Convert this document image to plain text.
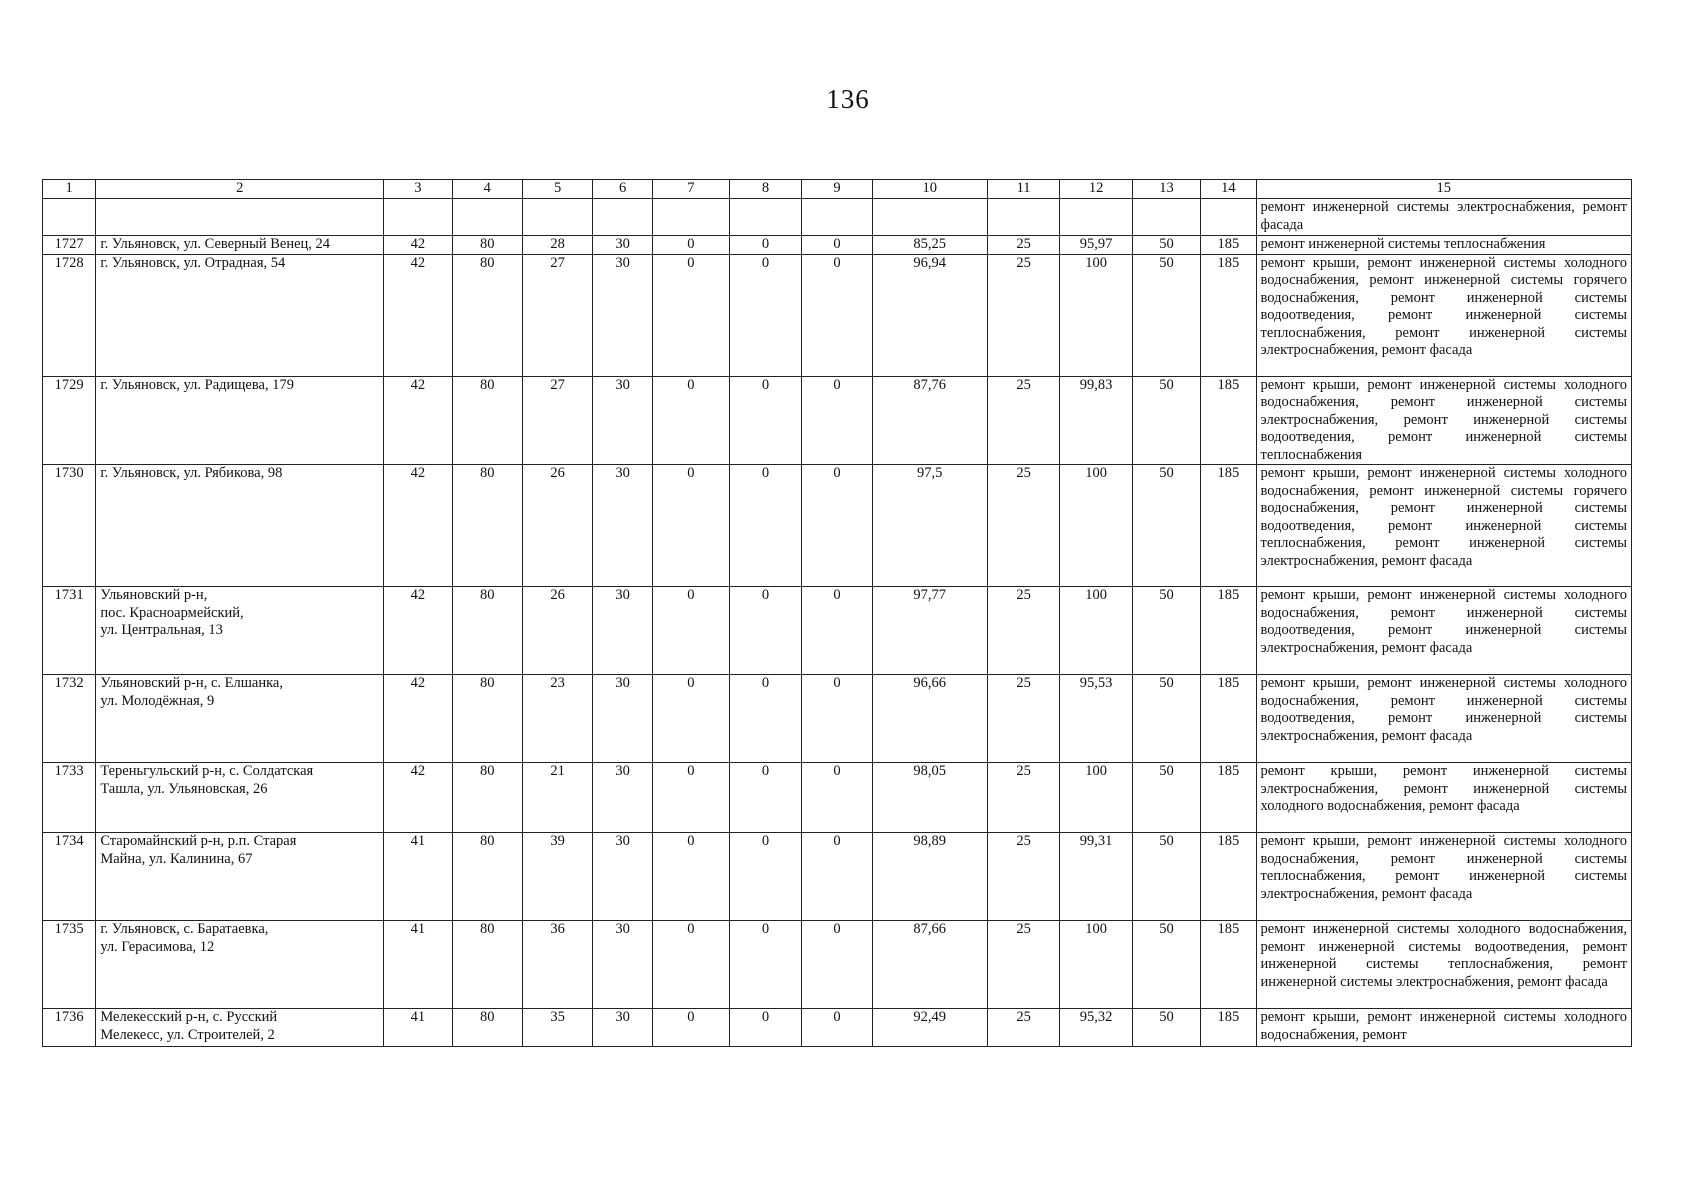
136
1	2	3	4	5	6	7	8	9	10	11	12	13	14	15
														ремонт инженерной системы электроснабжения, ремонт фасада
1727	г. Ульяновск, ул. Северный Венец, 24	42	80	28	30	0	0	0	85,25	25	95,97	50	185	ремонт инженерной системы теплоснабжения
1728	г. Ульяновск, ул. Отрадная, 54	42	80	27	30	0	0	0	96,94	25	100	50	185	ремонт крыши, ремонт инженерной системы холодного водоснабжения, ремонт инженерной системы горячего водоснабжения, ремонт инженерной системы водоотведения, ремонт инженерной системы теплоснабжения, ремонт инженерной системы электроснабжения, ремонт фасада
1729	г. Ульяновск, ул. Радищева, 179	42	80	27	30	0	0	0	87,76	25	99,83	50	185	ремонт крыши, ремонт инженерной системы холодного водоснабжения, ремонт инженерной системы электроснабжения, ремонт инженерной системы водоотведения, ремонт инженерной системы теплоснабжения
1730	г. Ульяновск, ул. Рябикова, 98	42	80	26	30	0	0	0	97,5	25	100	50	185	ремонт крыши, ремонт инженерной системы холодного водоснабжения, ремонт инженерной системы горячего водоснабжения, ремонт инженерной системы водоотведения, ремонт инженерной системы теплоснабжения, ремонт инженерной системы электроснабжения, ремонт фасада
1731	Ульяновский р-н,
пос. Красноармейский,
ул. Центральная, 13	42	80	26	30	0	0	0	97,77	25	100	50	185	ремонт крыши, ремонт инженерной системы холодного водоснабжения, ремонт инженерной системы водоотведения, ремонт инженерной системы электроснабжения, ремонт фасада
1732	Ульяновский р-н, с. Елшанка,
ул. Молодёжная, 9	42	80	23	30	0	0	0	96,66	25	95,53	50	185	ремонт крыши, ремонт инженерной системы холодного водоснабжения, ремонт инженерной системы водоотведения, ремонт инженерной системы электроснабжения, ремонт фасада
1733	Тереньгульский р-н, с. Солдатская
Ташла, ул. Ульяновская, 26	42	80	21	30	0	0	0	98,05	25	100	50	185	ремонт крыши, ремонт инженерной системы электроснабжения, ремонт инженерной системы холодного водоснабжения, ремонт фасада
1734	Старомайнский р-н, р.п. Старая
Майна, ул. Калинина, 67	41	80	39	30	0	0	0	98,89	25	99,31	50	185	ремонт крыши, ремонт инженерной системы холодного водоснабжения, ремонт инженерной системы теплоснабжения, ремонт инженерной системы электроснабжения, ремонт фасада
1735	г. Ульяновск, с. Баратаевка,
ул. Герасимова, 12	41	80	36	30	0	0	0	87,66	25	100	50	185	ремонт инженерной системы холодного водоснабжения, ремонт инженерной системы водоотведения, ремонт инженерной системы теплоснабжения, ремонт инженерной системы электроснабжения, ремонт фасада
1736	Мелекесский р-н, с. Русский
Мелекесс, ул. Строителей, 2	41	80	35	30	0	0	0	92,49	25	95,32	50	185	ремонт крыши, ремонт инженерной системы холодного водоснабжения, ремонт
